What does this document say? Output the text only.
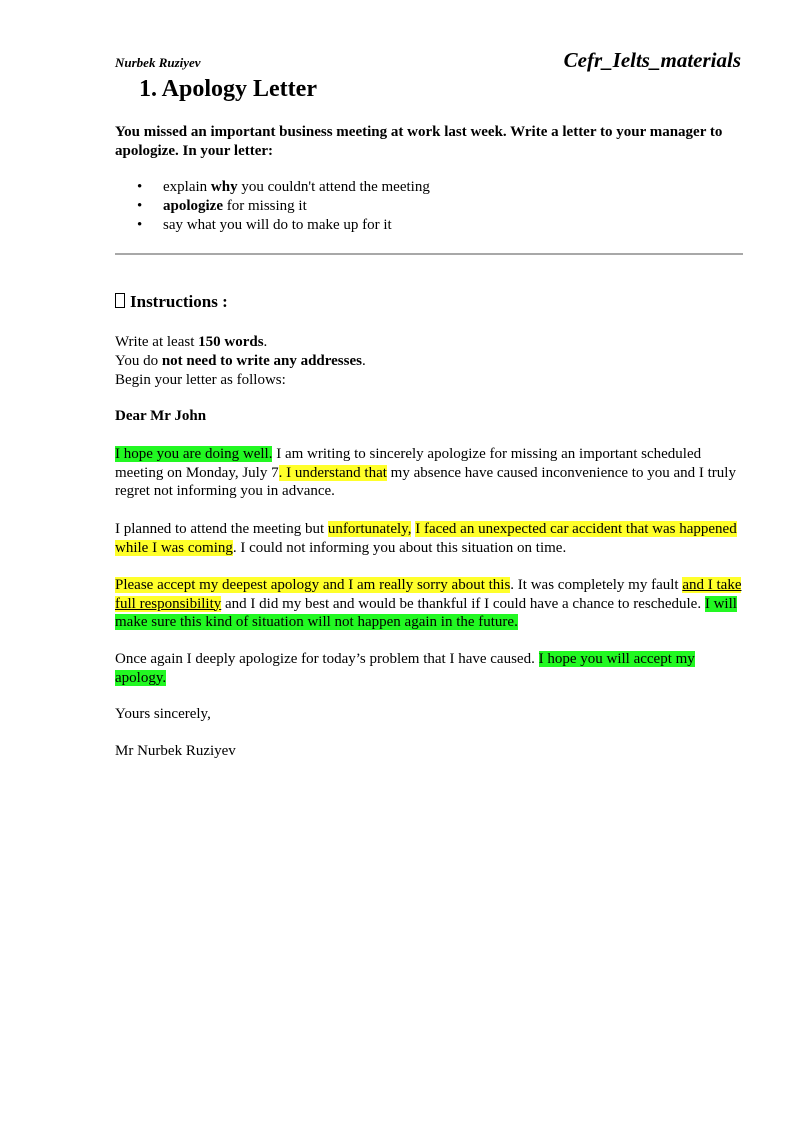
Nurbek Ruziyev	Cefr_Ielts_materials
1. Apology Letter

You missed an important business meeting at work last week. Write a letter to your manager to apologize. In your letter:

• explain why you couldn't attend the meeting
• apologize for missing it
• say what you will do to make up for it
Instructions :
Write at least 150 words.
You do not need to write any addresses.
Begin your letter as follows:
Dear Mr John

I hope you are doing well. I am writing to sincerely apologize for missing an important scheduled meeting on Monday, July 7. I understand that my absence have caused inconvenience to you and I truly regret not informing you in advance.

I planned to attend the meeting but unfortunately, I faced an unexpected car accident that was happened while I was coming. I could not informing you about this situation on time.

Please accept my deepest apology and I am really sorry about this. It was completely my fault and I take full responsibility and I did my best and would be thankful if I could have a chance to reschedule. I will make sure this kind of situation will not happen again in the future.

Once again I deeply apologize for today’s problem that I have caused. I hope you will accept my apology.

Yours sincerely,
Mr Nurbek Ruziyev
